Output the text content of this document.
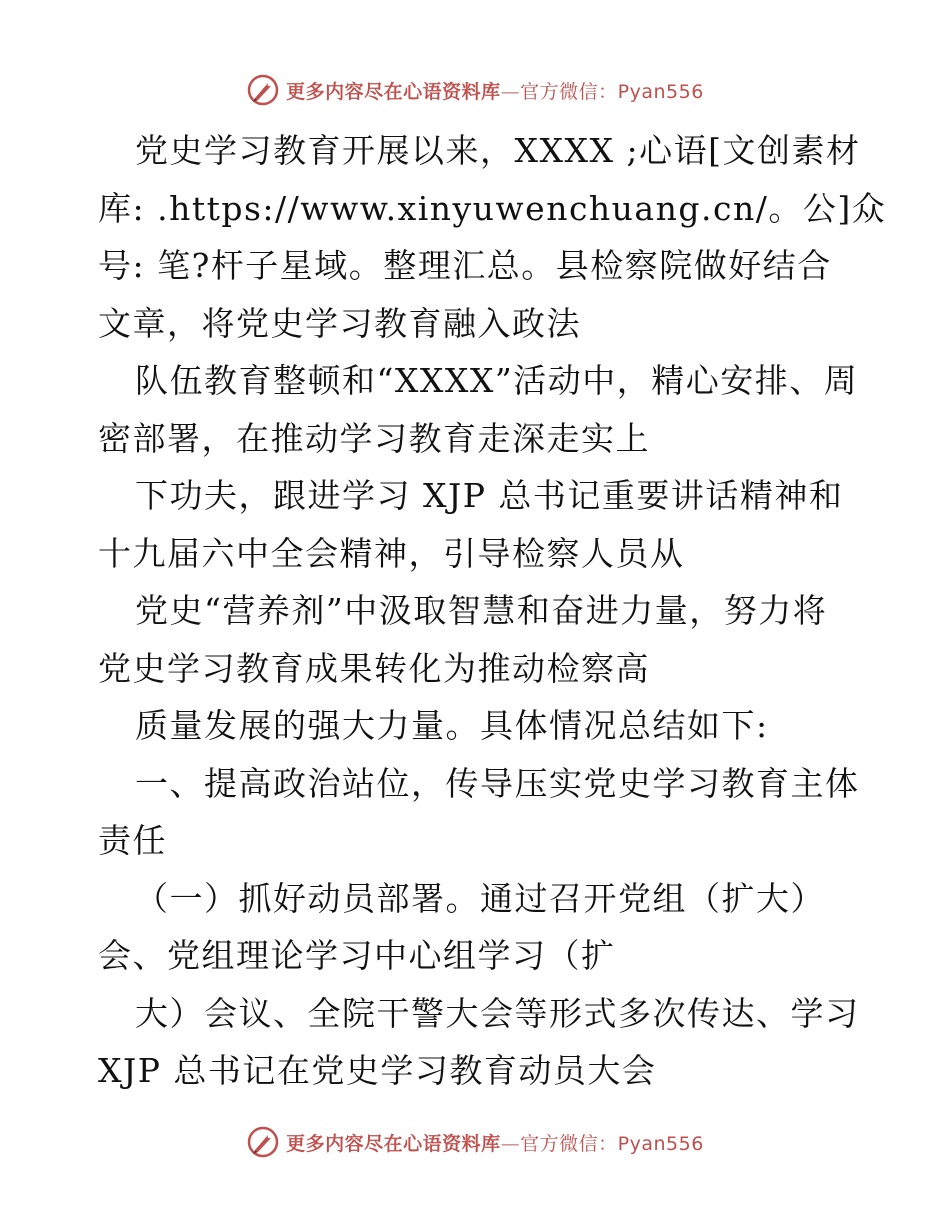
更多内容尽在心语资料库—官方微信：Pyan556
党史学习教育开展以来，XXXX ;心语[文创素材
库: .https://www.xinyuwenchuang.cn/。公]众
号: 笔?杆子星域。整理汇总。县检察院做好结合
文章，将党史学习教育融入政法
队伍教育整顿和“XXXX”活动中，精心安排、周
密部署，在推动学习教育走深走实上
下功夫，跟进学习 XJP 总书记重要讲话精神和
十九届六中全会精神，引导检察人员从
党史“营养剂”中汲取智慧和奋进力量，努力将
党史学习教育成果转化为推动检察高
质量发展的强大力量。具体情况总结如下:
一、提高政治站位，传导压实党史学习教育主体
责任
（一）抓好动员部署。通过召开党组（扩大）
会、党组理论学习中心组学习（扩
大）会议、全院干警大会等形式多次传达、学习
XJP 总书记在党史学习教育动员大会
更多内容尽在心语资料库—官方微信：Pyan556
